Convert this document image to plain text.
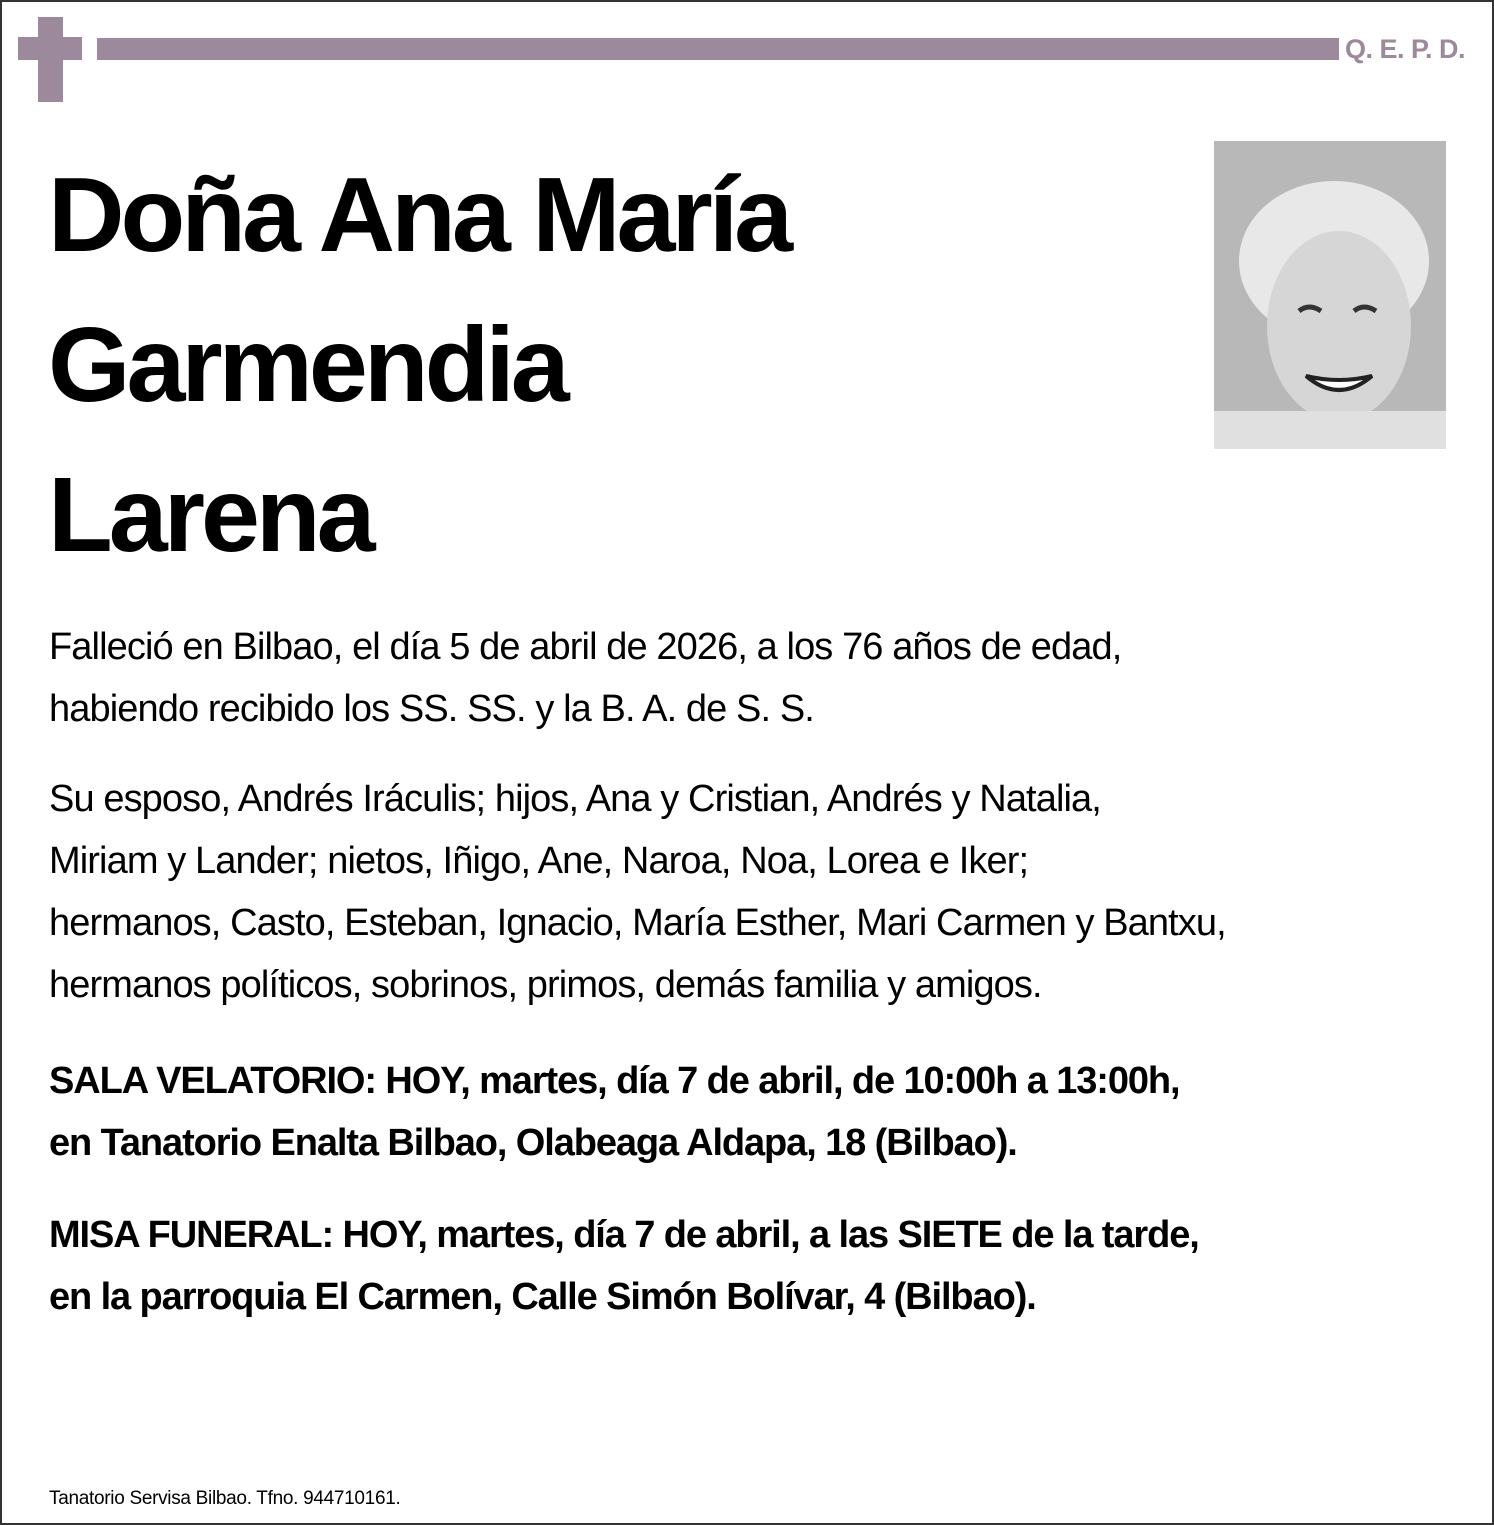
Q. E. P. D.
Doña Ana María
Garmendia
Larena
Falleció en Bilbao, el día 5 de abril de 2026, a los 76 años de edad,
habiendo recibido los SS. SS. y la B. A. de S. S.
Su esposo, Andrés Iráculis; hijos, Ana y Cristian, Andrés y Natalia,
Miriam y Lander; nietos, Iñigo, Ane, Naroa, Noa, Lorea e Iker;
hermanos, Casto, Esteban, Ignacio, María Esther, Mari Carmen y Bantxu,
hermanos políticos, sobrinos, primos, demás familia y amigos.
SALA VELATORIO: HOY, martes, día 7 de abril, de 10:00h a 13:00h,
en Tanatorio Enalta Bilbao, Olabeaga Aldapa, 18 (Bilbao).
MISA FUNERAL: HOY, martes, día 7 de abril, a las SIETE de la tarde,
en la parroquia El Carmen, Calle Simón Bolívar, 4 (Bilbao).
Tanatorio Servisa Bilbao. Tfno. 944710161.
